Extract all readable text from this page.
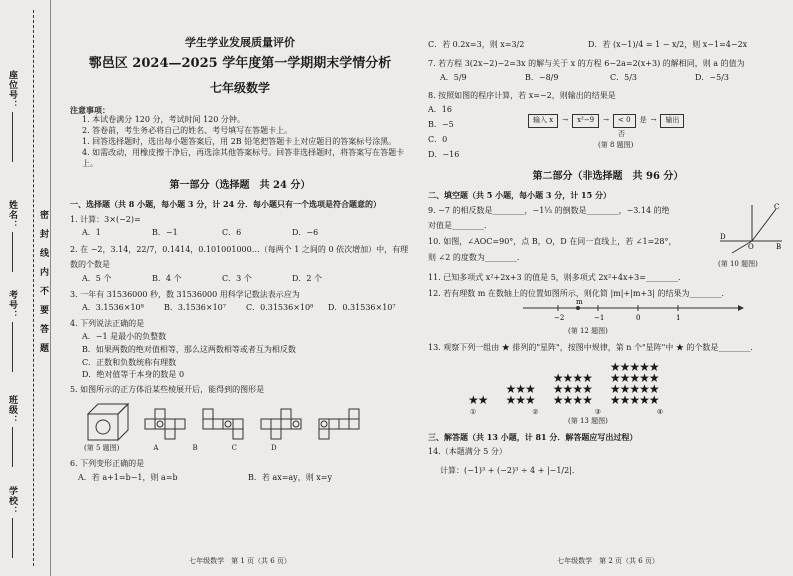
座位号：
姓名：
考号：
班级：
学校：
密封线内不要答题
学生学业发展质量评价
鄠邑区 2024—2025 学年度第一学期期末学情分析
七年级数学
注意事项：
1. 本试卷满分 120 分，考试时间 120 分钟。
2. 答卷前，考生务必将自己的姓名、考号填写在答题卡上。
1. 回答选择题时，选出每小题答案后，用 2B 铅笔把答题卡上对应题目的答案标号涂黑。
4. 如需改动，用橡皮擦干净后，再选涂其他答案标号。回答非选择题时，将答案写在答题卡上。
第一部分（选择题　共 24 分）
一、选择题（共 8 小题，每小题 3 分，计 24 分．每小题只有一个选项是符合题意的）
1. 计算：3×(−2)=
A．1	B．−1	C．6	D．−6
2. 在 −2，3.14，22/7，0.1414，0.101001000…（每两个 1 之间的 0 依次增加）中，有理
数的个数是
A．5 个	B．4 个	C．3 个	D．2 个
3. 一年有 31536000 秒，数 31536000 用科学记数法表示应为
A．3.1536×10⁸	B．3.1536×10⁷	C．0.31536×10⁸	D．0.31536×10⁷
4. 下列说法正确的是
A．−1 是最小的负整数
B．如果两数的绝对值相等，那么这两数相等或者互为相反数
C．正数和负数统称有理数
D．绝对值等于本身的数是 0
5. 如图所示的正方体沿某些棱展开后，能得到的图形是
(第 5 题图)	A	B	C	D
6. 下列变形正确的是
A．若 a+1=b−1，则 a=b	B．若 ax=ay，则 x=y
七年级数学　第 1 页（共 6 页）
C．若 0.2x=3，则 x=3/2	D．若 (x−1)/4 = 1 − x/2，则 x−1=4−2x
7. 若方程 3(2x−2)−2=3x 的解与关于 x 的方程 6−2a=2(x+3) 的解相同，则 a 的值为
A．5/9	B．−8/9	C．5/3	D．−5/3
8. 按照如图的程序计算，若 x=−2，则输出的结果是
A．16
B．−5
C．0
D．−16
输入 x	→	x²−9	→	< 0	是 →	输出
否
(第 8 题图)
第二部分（非选择题　共 96 分）
二、填空题（共 5 小题，每小题 3 分，计 15 分）
9. −7 的相反数是________，−1⅓ 的倒数是________，−3.14 的绝
对值是________．
10. 如图，∠AOC=90°，点 B，O，D 在同一直线上，若 ∠1=28°，
则 ∠2 的度数为________．
C
D
O	B
(第 10 题图)
11. 已知多项式 x²+2x+3 的值是 5，则多项式 2x²+4x+3=________．
12. 若有理数 m 在数轴上的位置如图所示，则化简 |m|+|m+3| 的结果为________．
−2
m
−1	0	1
(第 12 题图)
13. 观察下列一组由 ★ 排列的"星阵"，按图中规律，第 n 个"星阵"中 ★ 的个数是________．
★★
★★★
★★★
★★★★
★★★★
★★★★
★★★★★
★★★★★
★★★★★
★★★★★
①	②	③	④
(第 13 题图)
三、解答题（共 13 小题，计 81 分．解答题应写出过程）
14.（本题满分 5 分）
计算：(−1)³ + (−2)³ ÷ 4 + |−1/2|．
七年级数学　第 2 页（共 6 页）
